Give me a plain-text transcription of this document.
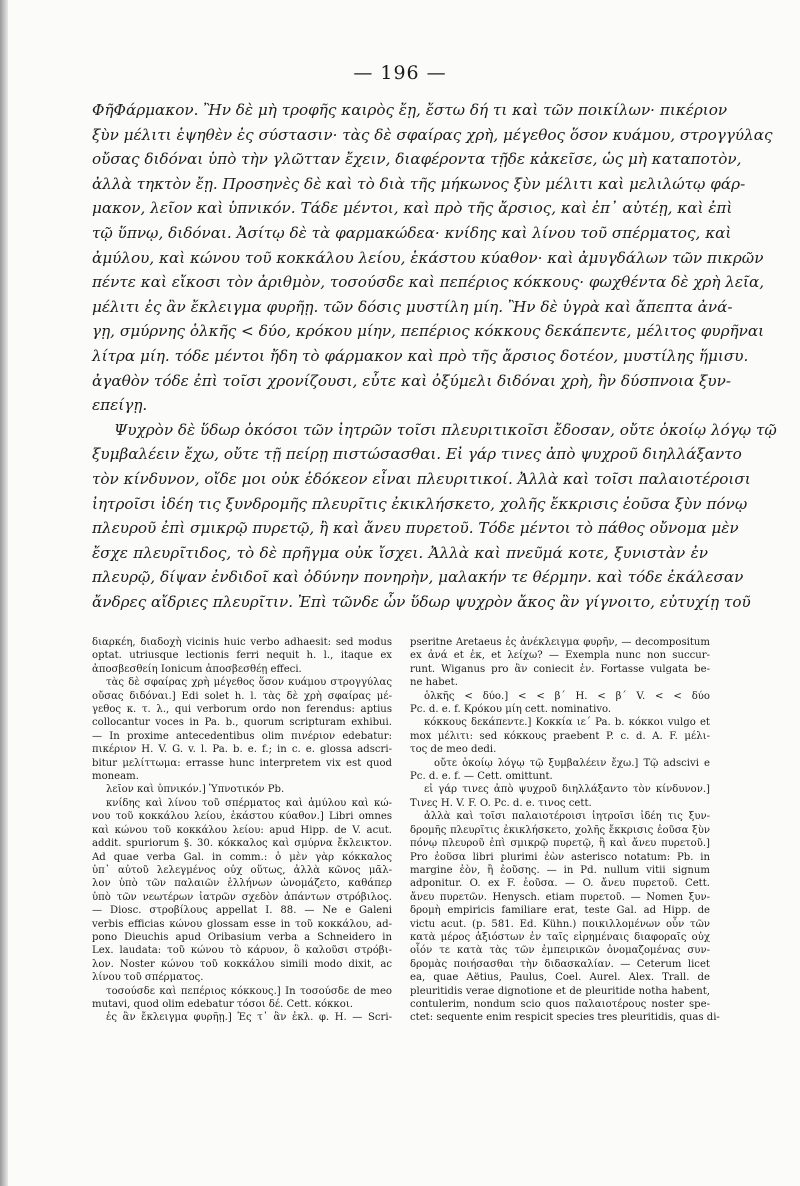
— 196 —
ΦῆΦάρμακον. Ἢν δὲ μὴ τροφῆς καιρὸς ἔῃ, ἔστω δή τι καὶ τῶν ποικίλων· πικέριον
ξὺν μέλιτι ἑψηθὲν ἐς σύστασιν· τὰς δὲ σφαίρας χρὴ, μέγεθος ὅσον κυάμου, στρογγύλας
οὔσας διδόναι ὑπὸ τὴν γλῶτταν ἔχειν, διαφέροντα τῇδε κἀκεῖσε, ὡς μὴ καταποτὸν,
ἀλλὰ τηκτὸν ἔῃ. Προσηνὲς δὲ καὶ τὸ διὰ τῆς μήκωνος ξὺν μέλιτι καὶ μελιλώτῳ φάρ-
μακον, λεῖον καὶ ὑπνικόν. Τάδε μέντοι, καὶ πρὸ τῆς ἄρσιος, καὶ ἐπ᾿ αὐτέῃ, καὶ ἐπὶ
τῷ ὕπνῳ, διδόναι. Ἀσίτῳ δὲ τὰ φαρμακώδεα· κνίδης καὶ λίνου τοῦ σπέρματος, καὶ
ἀμύλου, καὶ κώνου τοῦ κοκκάλου λείου, ἑκάστου κύαθον· καὶ ἀμυγδάλων τῶν πικρῶν
πέντε καὶ εἴκοσι τὸν ἀριθμὸν, τοσούσδε καὶ πεπέριος κόκκους· φωχθέντα δὲ χρὴ λεῖα,
μέλιτι ἐς ἂν ἔκλειγμα φυρῆῃ. τῶν δόσις μυστίλη μίη. Ἢν δὲ ὑγρὰ καὶ ἄπεπτα ἀνά-
γῃ, σμύρνης ὁλκῆς < δύο, κρόκου μίην, πεπέριος κόκκους δεκάπεντε, μέλιτος φυρῆναι
λίτρα μίη. τόδε μέντοι ἤδη τὸ φάρμακον καὶ πρὸ τῆς ἄρσιος δοτέον, μυστίλης ἥμισυ.
ἀγαθὸν τόδε ἐπὶ τοῖσι χρονίζουσι, εὖτε καὶ ὀξύμελι διδόναι χρὴ, ἢν δύσπνοια ξυν-
επείγῃ.
Ψυχρὸν δὲ ὕδωρ ὁκόσοι τῶν ἰητρῶν τοῖσι πλευριτικοῖσι ἔδοσαν, οὔτε ὁκοίῳ λόγῳ τῷ
ξυμβαλέειν ἔχω, οὔτε τῇ πείρῃ πιστώσασθαι. Εἰ γάρ τινες ἀπὸ ψυχροῦ διηλλάξαντο
τὸν κίνδυνον, οἴδε μοι οὐκ ἐδόκεον εἶναι πλευριτικοί. Ἀλλὰ καὶ τοῖσι παλαιοτέροισι
ἰητροῖσι ἰδέη τις ξυνδρομῆς πλευρῖτις ἐκικλήσκετο, χολῆς ἔκκρισις ἐοῦσα ξὺν πόνῳ
πλευροῦ ἐπὶ σμικρῷ πυρετῷ, ἢ καὶ ἄνευ πυρετοῦ. Τόδε μέντοι τὸ πάθος οὔνομα μὲν
ἔσχε πλευρῖτιδος, τὸ δὲ πρῆγμα οὐκ ἴσχει. Ἀλλὰ καὶ πνεῦμά κοτε, ξυνιστὰν ἐν
πλευρῷ, δίψαν ἐνδιδοῖ καὶ ὀδύνην πονηρὴν, μαλακήν τε θέρμην. καὶ τόδε ἐκάλεσαν
ἄνδρες αἴδριες πλευρῖτιν. Ἐπὶ τῶνδε ὧν ὕδωρ ψυχρὸν ἄκος ἂν γίγνοιτο, εὐτυχίῃ τοῦ
διαρκέη, διαδοχὴ vicinis huic verbo adhaesit: sed modus
optat. utriusque lectionis ferri nequit h. l., itaque ex
ἀποσβεσθείη Ionicum ἀποσβεσθέῃ effeci.
τὰς δὲ σφαίρας χρὴ μέγεθος ὅσον κυάμου στρογγύλας
οὔσας διδόναι.] Edi solet h. l. τὰς δὲ χρὴ σφαίρας μέ-
γεθος κ. τ. λ., qui verborum ordo non ferendus: aptius
collocantur voces in Pa. b., quorum scripturam exhibui.
— In proxime antecedentibus olim πινέριον edebatur:
πικέριον H. V. G. v. l. Pa. b. e. f.; in c. e. glossa adscri-
bitur μελίττωμα: errasse hunc interpretem vix est quod
moneam.
λεῖον καὶ ὑπνικόν.] Ὑπνοτικόν Pb.
κνίδης καὶ λίνου τοῦ σπέρματος καὶ ἀμύλου καὶ κώ-
νου τοῦ κοκκάλου λείου, ἑκάστου κύαθον.] Libri omnes
καὶ κώνου τοῦ κοκκάλου λείου: apud Hipp. de V. acut.
addit. spuriorum §. 30. κόκκαλος καὶ σμύρνα ἔκλεικτον.
Ad quae verba Gal. in comm.: ὁ μὲν γὰρ κόκκαλος
ὑπ᾿ αὐτοῦ λελεγμένος οὐχ οὕτως, ἀλλὰ κῶνος μᾶλ-
λον ὑπὸ τῶν παλαιῶν ἑλλήνων ὠνομάζετο, καθάπερ
ὑπὸ τῶν νεωτέρων ἰατρῶν σχεδὸν ἁπάντων στρόβιλος.
— Diosc. στροβίλους appellat I. 88. — Ne e Galeni
verbis efficias κώνου glossam esse in τοῦ κοκκάλου, ad-
pono Dieuchis apud Oribasium verba a Schneidero in
Lex. laudata: τοῦ κώνου τὸ κάρυον, ὃ καλοῦσι στρόβι-
λον. Noster κώνου τοῦ κοκκάλου simili modo dixit, ac
λίνου τοῦ σπέρματος.
τοσούσδε καὶ πεπέριος κόκκους.] In τοσούσδε de meo
mutavi, quod olim edebatur τόσοι δέ. Cett. κόκκοι.
ἐς ἂν ἔκλειγμα φυρῆῃ.] Ἐς τ᾿ ἂν ἐκλ. φ. H. — Scri-
pseritne Aretaeus ἐς ἀνέκλειγμα φυρῆν, — decompositum
ex ἀνά et ἐκ, et λείχω? — Exempla nunc non succur-
runt. Wiganus pro ἂν coniecit ἐν. Fortasse vulgata be-
ne habet.
ὁλκῆς < δύο.] < < β΄ H. < β΄ V. < < δύο
Pc. d. e. f. Κρόκου μίη cett. nominativo.
κόκκους δεκάπεντε.] Κοκκία ιε΄ Pa. b. κόκκοι vulgo et
mox μέλιτι: sed κόκκους praebent P. c. d. A. F. μέλι-
τος de meo dedi.
οὔτε ὁκοίῳ λόγῳ τῷ ξυμβαλέειν ἔχω.] Τῷ adscivi e
Pc. d. e. f. — Cett. omittunt.
εἰ γάρ τινες ἀπὸ ψυχροῦ διηλλάξαντο τὸν κίνδυνον.]
Τινες H. V. F. O. Pc. d. e. τινος cett.
ἀλλὰ καὶ τοῖσι παλαιοτέροισι ἰητροῖσι ἰδέη τις ξυν-
δρομῆς πλευρῖτις ἐκικλήσκετο, χολῆς ἔκκρισις ἐοῦσα ξὺν
πόνῳ πλευροῦ ἐπὶ σμικρῷ πυρετῷ, ἢ καὶ ἄνευ πυρετοῦ.]
Pro ἐοῦσα libri plurimi ἐὼν asterisco notatum: Pb. in
margine ἐὸν, ἢ ἐοῦσης. — in Pd. nullum vitii signum
adponitur. O. ex F. ἐοῦσα. — O. ἄνευ πυρετοῦ. Cett.
ἄνευ πυρετῶν. Henysch. etiam πυρετοῦ. — Nomen ξυν-
δρομὴ empiricis familiare erat, teste Gal. ad Hipp. de
victu acut. (p. 581. Ed. Kühn.) ποικιλλομένων οὖν τῶν
κατὰ μέρος ἀξιόστων ἐν ταῖς εἰρημέναις διαφοραῖς οὐχ
οἷόν τε κατὰ τὰς τῶν ἐμπειρικῶν ὀνομαζομένας συν-
δρομὰς ποιήσασθαι τὴν διδασκαλίαν. — Ceterum licet
ea, quae Aëtius, Paulus, Coel. Aurel. Alex. Trall. de
pleuritidis verae dignotione et de pleuritide notha habent,
contulerim, nondum scio quos παλαιοτέρους noster spe-
ctet: sequente enim respicit species tres pleuritidis, quas di-
